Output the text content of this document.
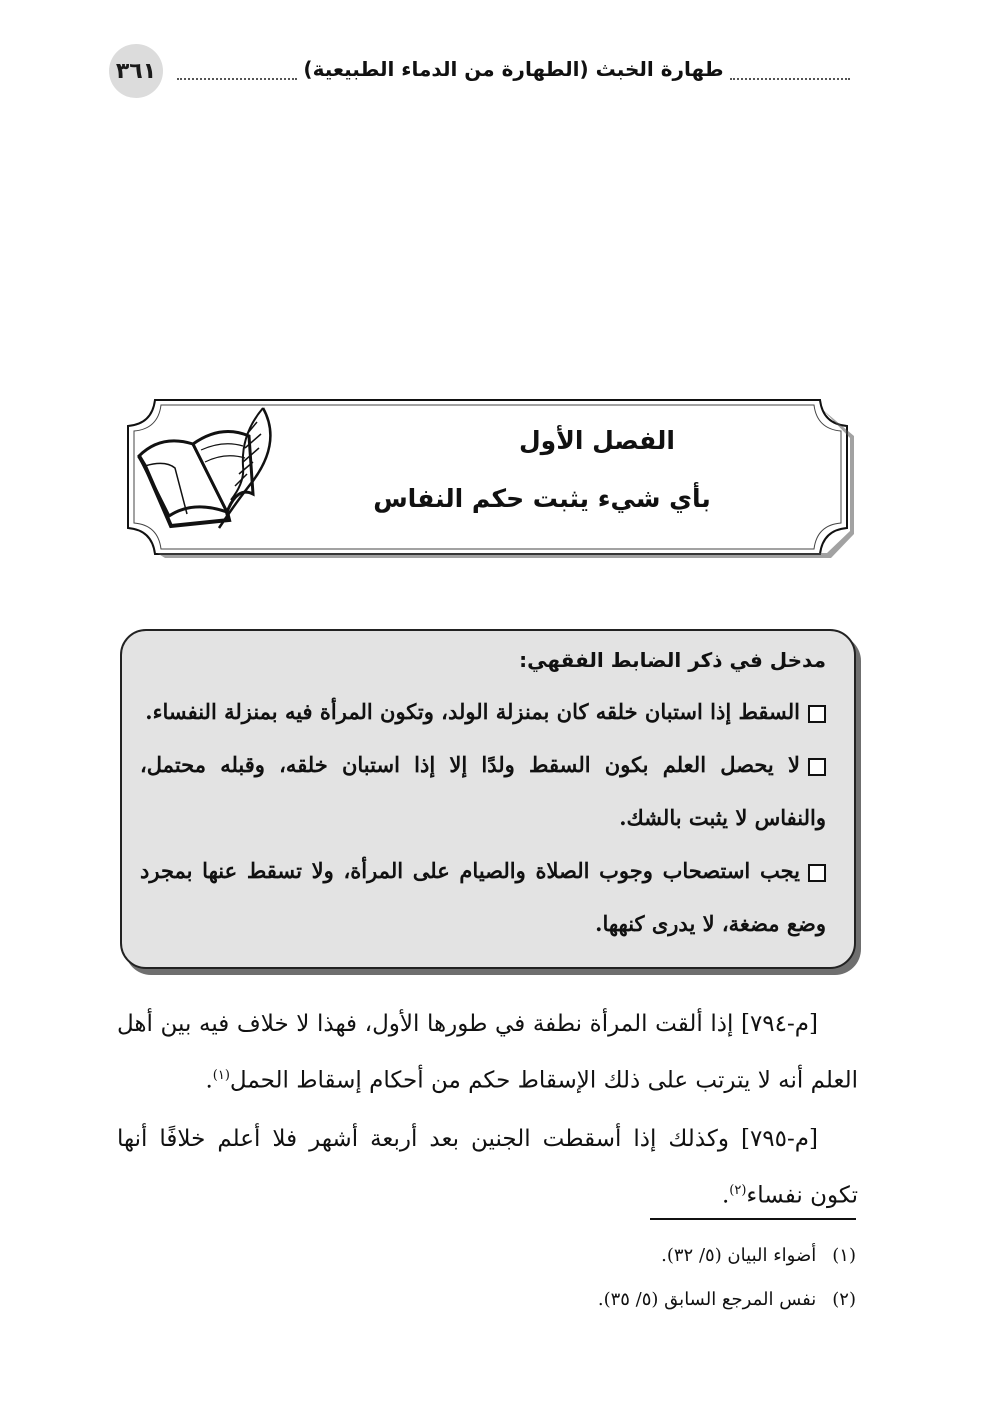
٣٦١	طهارة الخبث (الطهارة من الدماء الطبيعية)
الفصل الأول
بأي شيء يثبت حكم النفاس

مدخل في ذكر الضابط الفقهي:

السقط إذا استبان خلقه كان بمنزلة الولد، وتكون المرأة فيه بمنزلة النفساء.

لا يحصل العلم بكون السقط ولدًا إلا إذا استبان خلقه، وقبله محتمل، والنفاس لا يثبت بالشك.

يجب استصحاب وجوب الصلاة والصيام على المرأة، ولا تسقط عنها بمجرد وضع مضغة، لا يدرى كنهها.

[م-٧٩٤] إذا ألقت المرأة نطفة في طورها الأول، فهذا لا خلاف فيه بين أهل العلم أنه لا يترتب على ذلك الإسقاط حكم من أحكام إسقاط الحمل$^{(١)}$.

[م-٧٩٥] وكذلك إذا أسقطت الجنين بعد أربعة أشهر فلا أعلم خلافًا أنها تكون نفساء$^{(٢)}$.

(١) أضواء البيان (٥/ ٣٢).

(٢) نفس المرجع السابق (٥/ ٣٥).
